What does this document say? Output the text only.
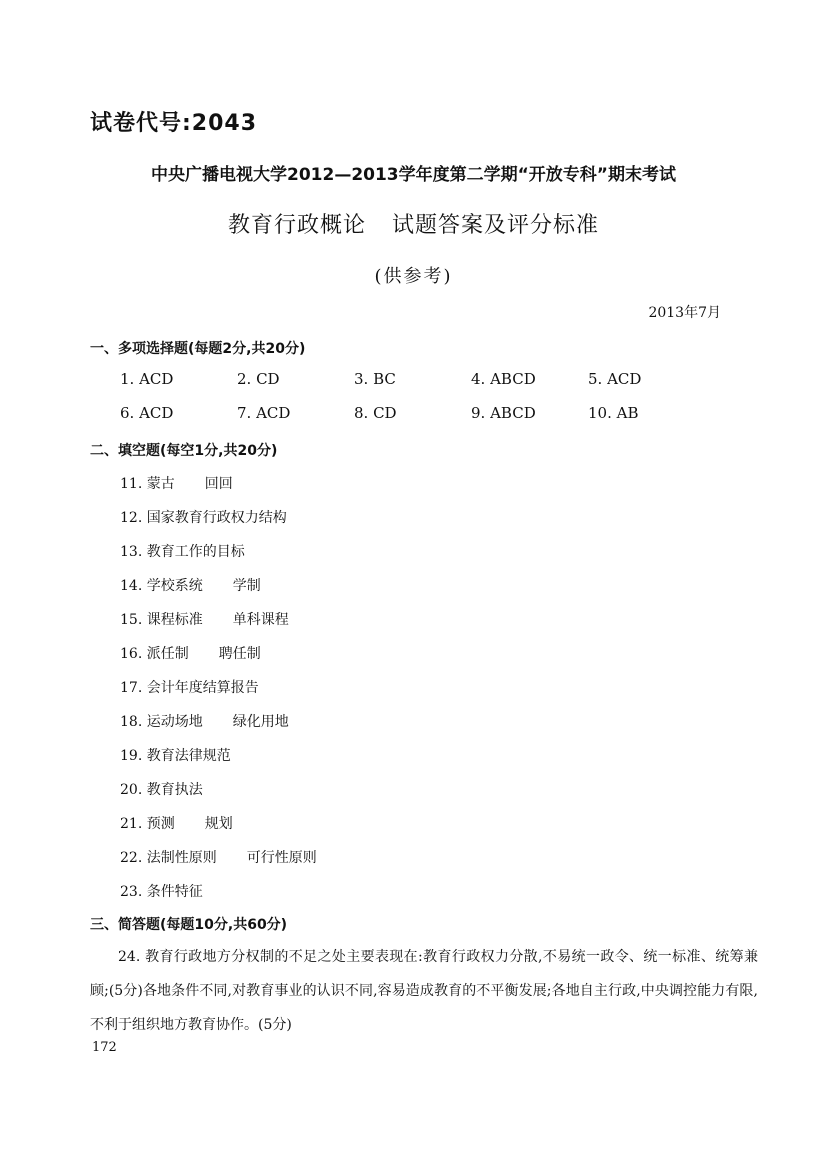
试卷代号:2043
中央广播电视大学2012—2013学年度第二学期“开放专科”期末考试
教育行政概论 试题答案及评分标准
(供参考)
2013年7月
一、多项选择题(每题2分,共20分)
1. ACD	2. CD	3. BC	4. ABCD	5. ACD
6. ACD	7. ACD	8. CD	9. ABCD	10. AB
二、填空题(每空1分,共20分)
11. 蒙古 回回
12. 国家教育行政权力结构
13. 教育工作的目标
14. 学校系统 学制
15. 课程标准 单科课程
16. 派任制 聘任制
17. 会计年度结算报告
18. 运动场地 绿化用地
19. 教育法律规范
20. 教育执法
21. 预测 规划
22. 法制性原则 可行性原则
23. 条件特征
三、简答题(每题10分,共60分)
24. 教育行政地方分权制的不足之处主要表现在:教育行政权力分散,不易统一政令、统一标准、统筹兼顾;(5分)各地条件不同,对教育事业的认识不同,容易造成教育的不平衡发展;各地自主行政,中央调控能力有限,不利于组织地方教育协作。(5分)
172
